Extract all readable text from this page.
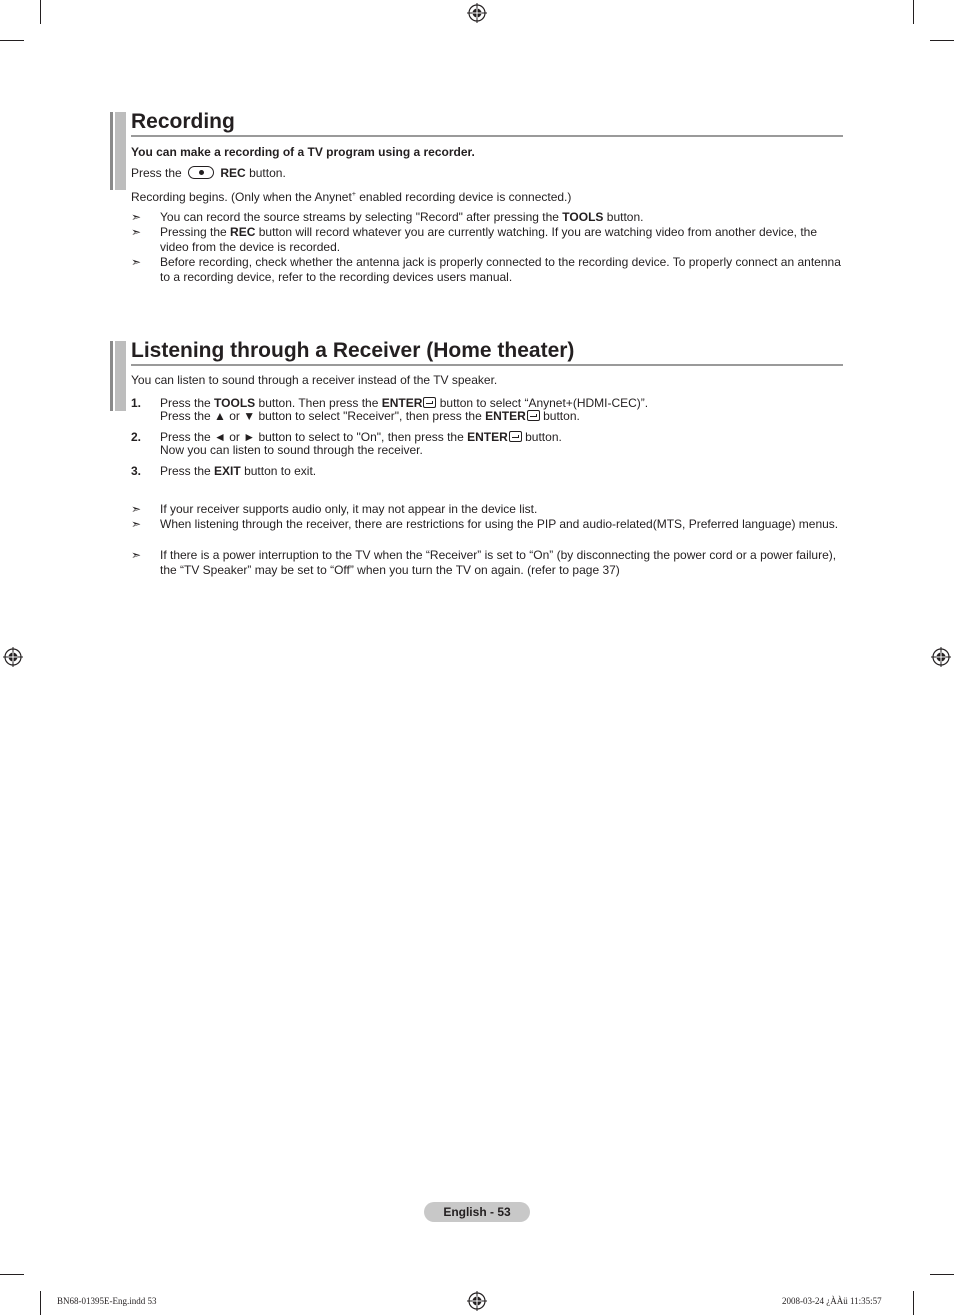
Recording
You can make a recording of a TV program using a recorder.
Press the	REC button.
Recording begins. (Only when the Anynet+ enabled recording device is connected.)
➣ You can record the source streams by selecting "Record" after pressing the TOOLS button.
➣ Pressing the REC button will record whatever you are currently watching. If you are watching video from another device, the video from the device is recorded.
➣ Before recording, check whether the antenna jack is properly connected to the recording device. To properly connect an antenna to a recording device, refer to the recording devices users manual.
Listening through a Receiver (Home theater)
You can listen to sound through a receiver instead of the TV speaker.
1. Press the TOOLS button. Then press the ENTER button to select “Anynet+(HDMI-CEC)”.
Press the ▲ or ▼ button to select "Receiver", then press the ENTER button.
2. Press the ◄ or ► button to select to "On", then press the ENTER button.
Now you can listen to sound through the receiver.
3. Press the EXIT button to exit.
➣ If your receiver supports audio only, it may not appear in the device list.
➣ When listening through the receiver, there are restrictions for using the PIP and audio-related(MTS, Preferred language) menus.
➣ If there is a power interruption to the TV when the “Receiver” is set to “On” (by disconnecting the power cord or a power failure), the “TV Speaker” may be set to “Off” when you turn the TV on again. (refer to page 37)
English - 53
BN68-01395E-Eng.indd 53	2008-03-24 ¿ÀÀü 11:35:57
